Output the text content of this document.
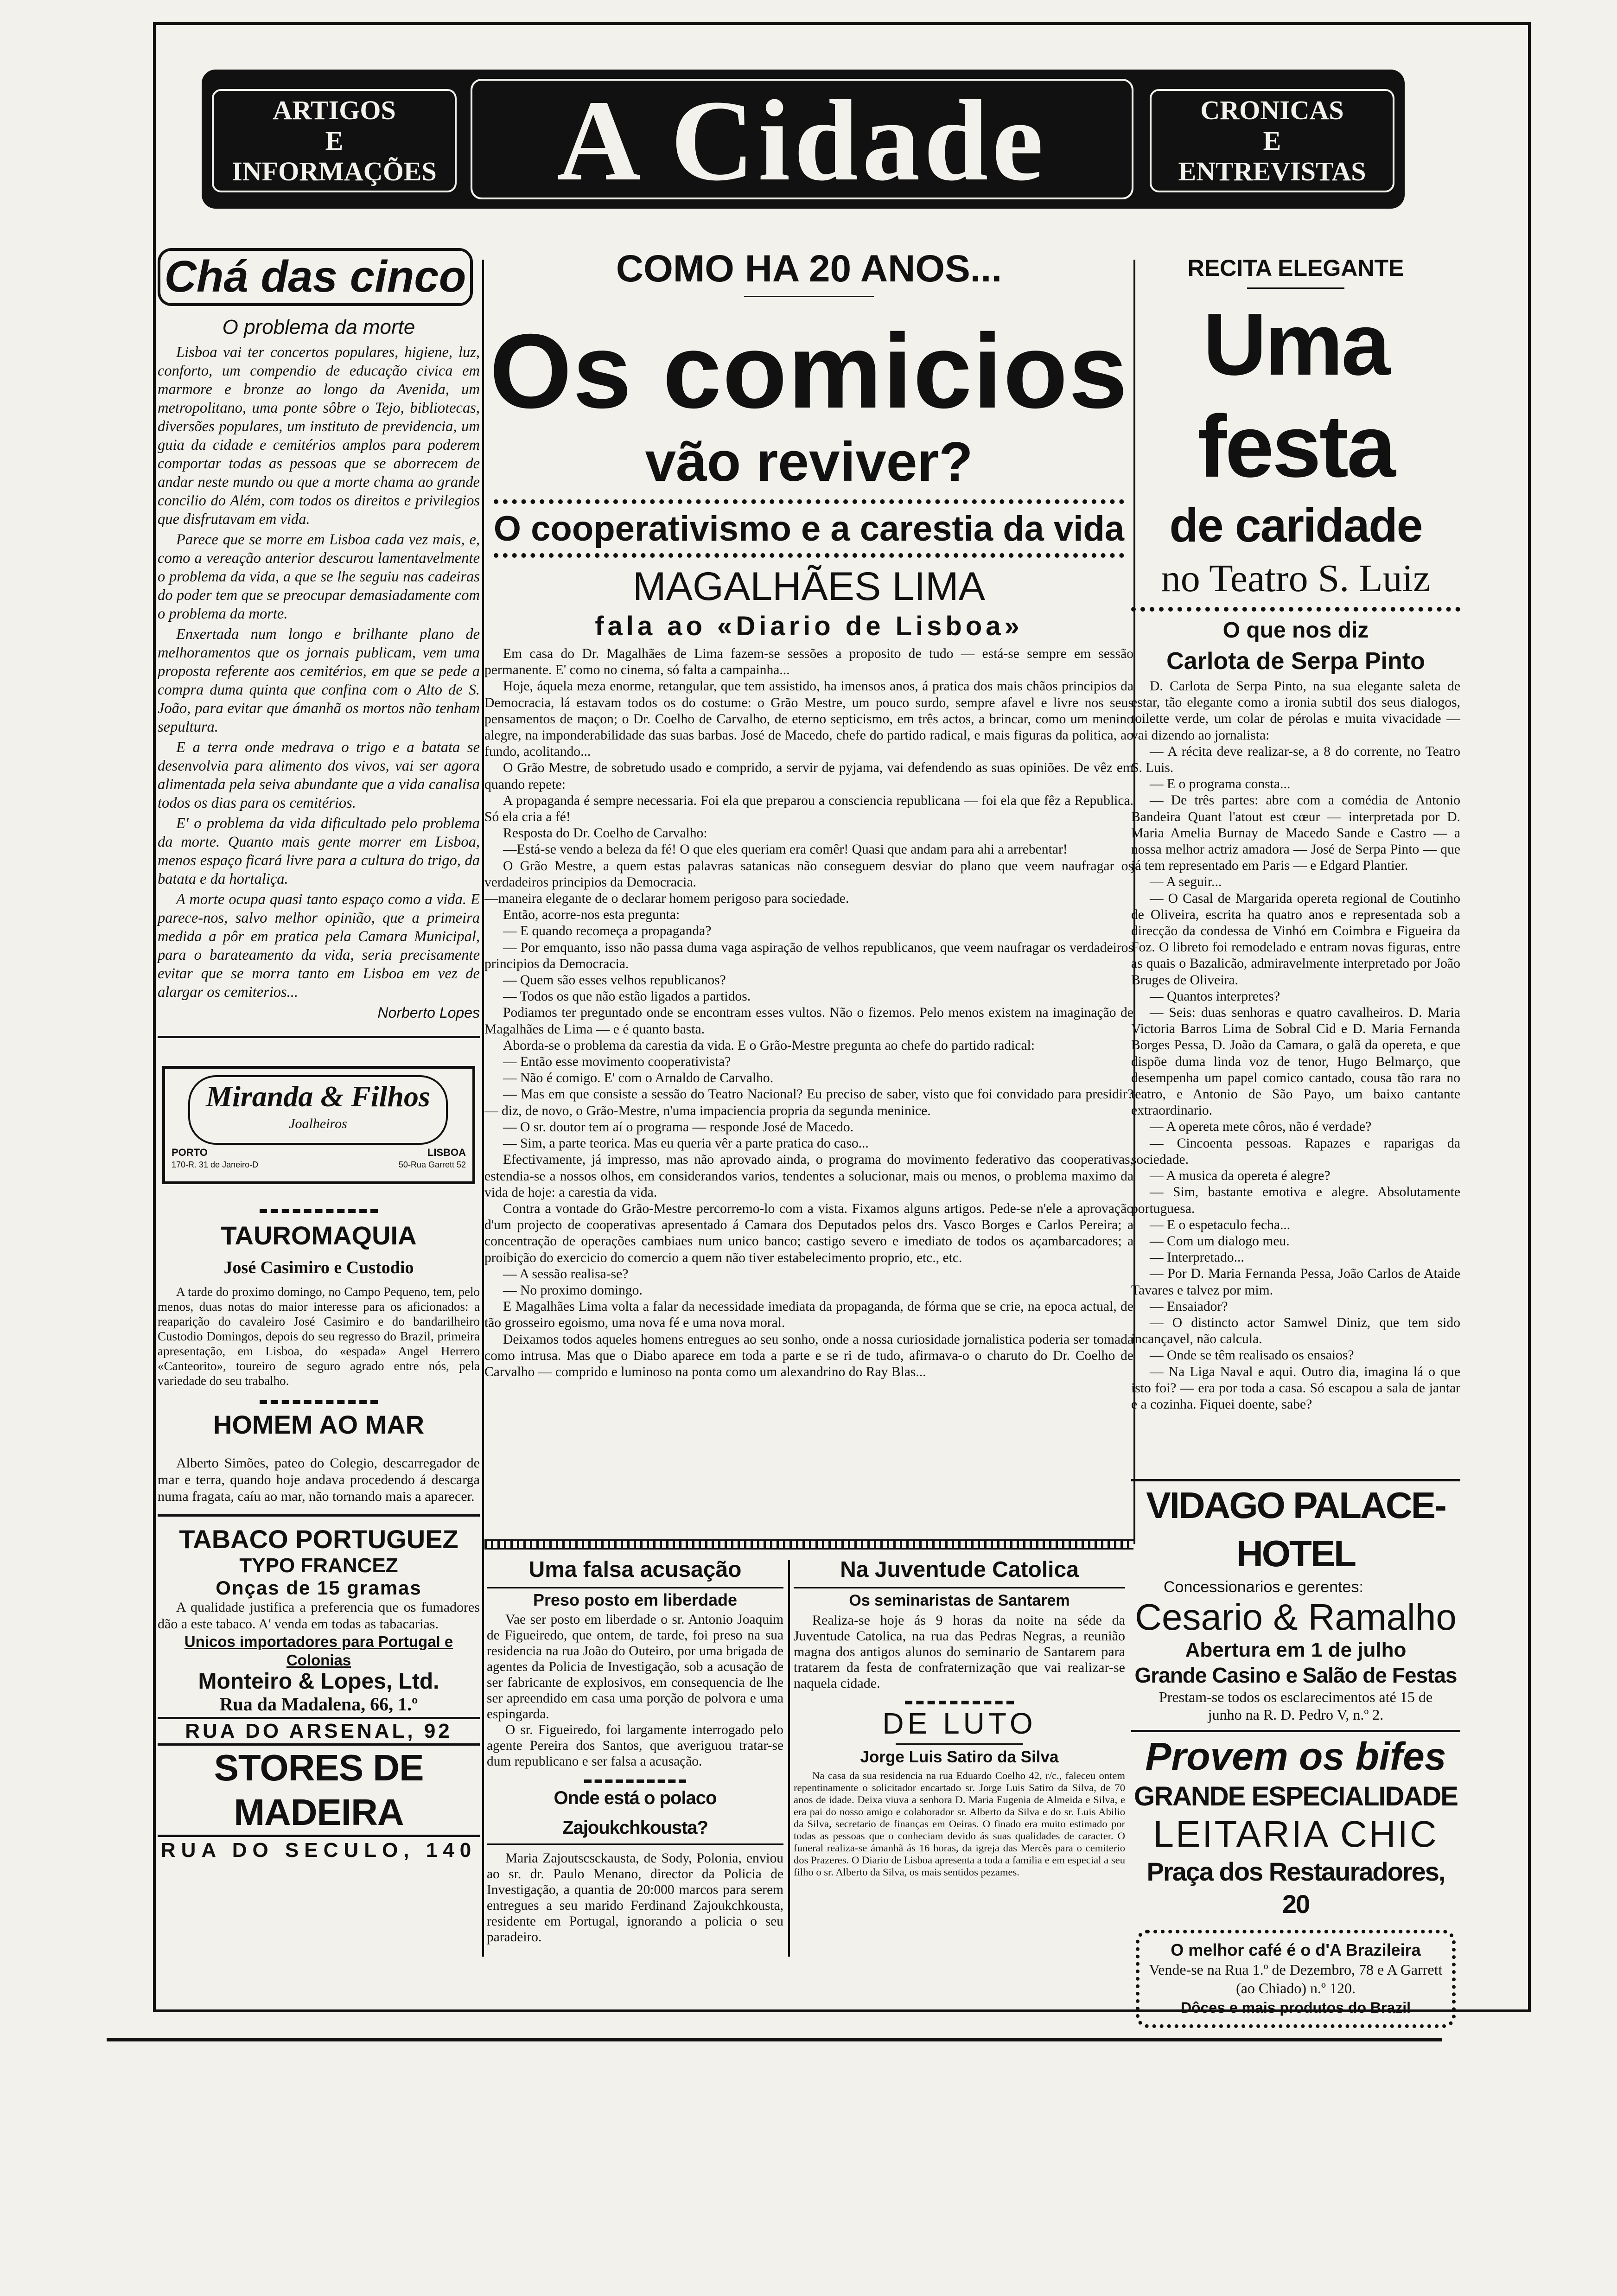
ARTIGOS
E
INFORMAÇÕES	A Cidade	CRONICAS
E
ENTREVISTAS
Chá das cinco
O problema da morte

Lisboa vai ter concertos populares, higiene, luz, conforto, um compendio de educação civica em marmore e bronze ao longo da Avenida, um metropolitano, uma ponte sôbre o Tejo, bibliotecas, diversões populares, um instituto de previdencia, um guia da cidade e cemitérios amplos para poderem comportar todas as pessoas que se aborrecem de andar neste mundo ou que a morte chama ao grande concilio do Além, com todos os direitos e privilegios que disfrutavam em vida.

Parece que se morre em Lisboa cada vez mais, e, como a vereação anterior descurou lamentavelmente o problema da vida, a que se lhe seguiu nas cadeiras do poder tem que se preocupar demasiadamente com o problema da morte.

Enxertada num longo e brilhante plano de melhoramentos que os jornais publicam, vem uma proposta referente aos cemitérios, em que se pede a compra duma quinta que confina com o Alto de S. João, para evitar que ámanhã os mortos não tenham sepultura.

E a terra onde medrava o trigo e a batata se desenvolvia para alimento dos vivos, vai ser agora alimentada pela seiva abundante que a vida canalisa todos os dias para os cemitérios.

E' o problema da vida dificultado pelo problema da morte. Quanto mais gente morrer em Lisboa, menos espaço ficará livre para a cultura do trigo, da batata e da hortaliça.

A morte ocupa quasi tanto espaço como a vida. E parece-nos, salvo melhor opinião, que a primeira medida a pôr em pratica pela Camara Municipal, para o barateamento da vida, seria precisamente evitar que se morra tanto em Lisboa em vez de alargar os cemiterios...

Norberto Lopes
Miranda & Filhos
Joalheiros
PORTO
170-R. 31 de Janeiro-D
LISBOA
50-Rua Garrett 52
TAUROMAQUIA
José Casimiro e Custodio
A tarde do proximo domingo, no Campo Pequeno, tem, pelo menos, duas notas do maior interesse para os aficionados: a reaparição do cavaleiro José Casimiro e do bandarilheiro Custodio Domingos, depois do seu regresso do Brazil, primeira apresentação, em Lisboa, do «espada» Angel Herrero «Canteorito», toureiro de seguro agrado entre nós, pela variedade do seu trabalho.
HOMEM AO MAR
Alberto Simões, pateo do Colegio, descarregador de mar e terra, quando hoje andava procedendo á descarga numa fragata, caíu ao mar, não tornando mais a aparecer.
TABACO PORTUGUEZ
TYPO FRANCEZ
Onças de 15 gramas
A qualidade justifica a preferencia que os fumadores dão a este tabaco. A' venda em todas as tabacarias.
Unicos importadores para Portugal e Colonias
Monteiro & Lopes, Ltd.
Rua da Madalena, 66, 1.º
RUA DO ARSENAL, 92
STORES DE MADEIRA
RUA DO SECULO, 140
COMO HA 20 ANOS...
Os comicios
vão reviver?
O cooperativismo e a carestia da vida
MAGALHÃES LIMA
fala ao «Diario de Lisboa»

Em casa do Dr. Magalhães de Lima fazem-se sessões a proposito de tudo — está-se sempre em sessão permanente. E' como no cinema, só falta a campainha...

Hoje, áquela meza enorme, retangular, que tem assistido, ha imensos anos, á pratica dos mais chãos principios da Democracia, lá estavam todos os do costume: o Grão Mestre, um pouco surdo, sempre afavel e livre nos seus pensamentos de maçon; o Dr. Coelho de Carvalho, de eterno septicismo, em três actos, a brincar, como um menino alegre, na imponderabilidade das suas barbas. José de Macedo, chefe do partido radical, e mais figuras da politica, ao fundo, acolitando...

O Grão Mestre, de sobretudo usado e comprido, a servir de pyjama, vai defendendo as suas opiniões. De vêz em quando repete:

A propaganda é sempre necessaria. Foi ela que preparou a consciencia republicana — foi ela que fêz a Republica. Só ela cria a fé!

Resposta do Dr. Coelho de Carvalho:

—Está-se vendo a beleza da fé! O que eles queriam era comêr! Quasi que andam para ahi a arrebentar!

O Grão Mestre, a quem estas palavras satanicas não conseguem desviar do plano que veem naufragar os verdadeiros principios da Democracia.

—maneira elegante de o declarar homem perigoso para sociedade.

Então, acorre-nos esta pregunta:

— E quando recomeça a propaganda?

— Por emquanto, isso não passa duma vaga aspiração de velhos republicanos, que veem naufragar os verdadeiros principios da Democracia.

— Quem são esses velhos republicanos?

— Todos os que não estão ligados a partidos.

Podiamos ter preguntado onde se encontram esses vultos. Não o fizemos. Pelo menos existem na imaginação de Magalhães de Lima — e é quanto basta.

Aborda-se o problema da carestia da vida. E o Grão-Mestre pregunta ao chefe do partido radical:

— Então esse movimento cooperativista?

— Não é comigo. E' com o Arnaldo de Carvalho.

— Mas em que consiste a sessão do Teatro Nacional? Eu preciso de saber, visto que foi convidado para presidir? — diz, de novo, o Grão-Mestre, n'uma impaciencia propria da segunda meninice.

— O sr. doutor tem aí o programa — responde José de Macedo.

— Sim, a parte teorica. Mas eu queria vêr a parte pratica do caso...

Efectivamente, já impresso, mas não aprovado ainda, o programa do movimento federativo das cooperativas, estendia-se a nossos olhos, em considerandos varios, tendentes a solucionar, mais ou menos, o problema maximo da vida de hoje: a carestia da vida.

Contra a vontade do Grão-Mestre percorremo-lo com a vista. Fixamos alguns artigos. Pede-se n'ele a aprovação d'um projecto de cooperativas apresentado á Camara dos Deputados pelos drs. Vasco Borges e Carlos Pereira; a concentração de operações cambiaes num unico banco; castigo severo e imediato de todos os açambarcadores; a proibição do exercicio do comercio a quem não tiver estabelecimento proprio, etc., etc.

— A sessão realisa-se?

— No proximo domingo.

E Magalhães Lima volta a falar da necessidade imediata da propaganda, de fórma que se crie, na epoca actual, de tão grosseiro egoismo, uma nova fé e uma nova moral.

Deixamos todos aqueles homens entregues ao seu sonho, onde a nossa curiosidade jornalistica poderia ser tomada como intrusa. Mas que o Diabo aparece em toda a parte e se ri de tudo, afirmava-o o charuto do Dr. Coelho de Carvalho — comprido e luminoso na ponta como um alexandrino do Ray Blas...

Uma falsa acusação
Preso posto em liberdade

Vae ser posto em liberdade o sr. Antonio Joaquim de Figueiredo, que ontem, de tarde, foi preso na sua residencia na rua João do Outeiro, por uma brigada de agentes da Policia de Investigação, sob a acusação de ser fabricante de explosivos, em consequencia de lhe ser apreendido em casa uma porção de polvora e uma espingarda.

O sr. Figueiredo, foi largamente interrogado pelo agente Pereira dos Santos, que averiguou tratar-se dum republicano e ser falsa a acusação.

Onde está o polaco Zajoukchkousta?
Maria Zajoutscsckausta, de Sody, Polonia, enviou ao sr. dr. Paulo Menano, director da Policia de Investigação, a quantia de 20:000 marcos para serem entregues a seu marido Ferdinand Zajoukchkousta, residente em Portugal, ignorando a policia o seu paradeiro.
Na Juventude Catolica
Os seminaristas de Santarem
Realiza-se hoje ás 9 horas da noite na séde da Juventude Catolica, na rua das Pedras Negras, a reunião magna dos antigos alunos do seminario de Santarem para tratarem da festa de confraternização que vai realizar-se naquela cidade.
DE LUTO
Jorge Luis Satiro da Silva
Na casa da sua residencia na rua Eduardo Coelho 42, r/c., faleceu ontem repentinamente o solicitador encartado sr. Jorge Luis Satiro da Silva, de 70 anos de idade. Deixa viuva a senhora D. Maria Eugenia de Almeida e Silva, e era pai do nosso amigo e colaborador sr. Alberto da Silva e do sr. Luis Abilio da Silva, secretario de finanças em Oeiras. O finado era muito estimado por todas as pessoas que o conheciam devido ás suas qualidades de caracter. O funeral realiza-se ámanhã ás 16 horas, da igreja das Mercês para o cemiterio dos Prazeres. O Diario de Lisboa apresenta a toda a familia e em especial a seu filho o sr. Alberto da Silva, os mais sentidos pezames.
RECITA ELEGANTE
Uma festa
de caridade
no Teatro S. Luiz
O que nos diz
Carlota de Serpa Pinto

D. Carlota de Serpa Pinto, na sua elegante saleta de estar, tão elegante como a ironia subtil dos seus dialogos, toilette verde, um colar de pérolas e muita vivacidade — vai dizendo ao jornalista:

— A récita deve realizar-se, a 8 do corrente, no Teatro S. Luis.

— E o programa consta...

— De três partes: abre com a comédia de Antonio Bandeira Quant l'atout est cœur — interpretada por D. Maria Amelia Burnay de Macedo Sande e Castro — a nossa melhor actriz amadora — José de Serpa Pinto — que já tem representado em Paris — e Edgard Plantier.

— A seguir...

— O Casal de Margarida opereta regional de Coutinho de Oliveira, escrita ha quatro anos e representada sob a direcção da condessa de Vinhó em Coimbra e Figueira da Foz. O libreto foi remodelado e entram novas figuras, entre as quais o Bazalicão, admiravelmente interpretado por João Bruges de Oliveira.

— Quantos interpretes?

— Seis: duas senhoras e quatro cavalheiros. D. Maria Victoria Barros Lima de Sobral Cid e D. Maria Fernanda Borges Pessa, D. João da Camara, o galã da opereta, e que dispõe duma linda voz de tenor, Hugo Belmarço, que desempenha um papel comico cantado, cousa tão rara no teatro, e Antonio de São Payo, um baixo cantante extraordinario.

— A opereta mete côros, não é verdade?

— Cincoenta pessoas. Rapazes e raparigas da sociedade.

— A musica da opereta é alegre?

— Sim, bastante emotiva e alegre. Absolutamente portuguesa.

— E o espetaculo fecha...

— Com um dialogo meu.

— Interpretado...

— Por D. Maria Fernanda Pessa, João Carlos de Ataide Tavares e talvez por mim.

— Ensaiador?

— O distincto actor Samwel Diniz, que tem sido incançavel, não calcula.

— Onde se têm realisado os ensaios?

— Na Liga Naval e aqui. Outro dia, imagina lá o que isto foi? — era por toda a casa. Só escapou a sala de jantar e a cozinha. Fiquei doente, sabe?

VIDAGO PALACE-HOTEL
Concessionarios e gerentes:
Cesario & Ramalho
Abertura em 1 de julho
Grande Casino e Salão de Festas
Prestam-se todos os esclarecimentos até 15 de junho na R. D. Pedro V, n.º 2.
Provem os bifes
GRANDE ESPECIALIDADE
LEITARIA CHIC
Praça dos Restauradores, 20
O melhor café é o d'A Brazileira
Vende-se na Rua 1.º de Dezembro, 78 e A Garrett (ao Chiado) n.º 120.
Dôces e mais produtos do Brazil
